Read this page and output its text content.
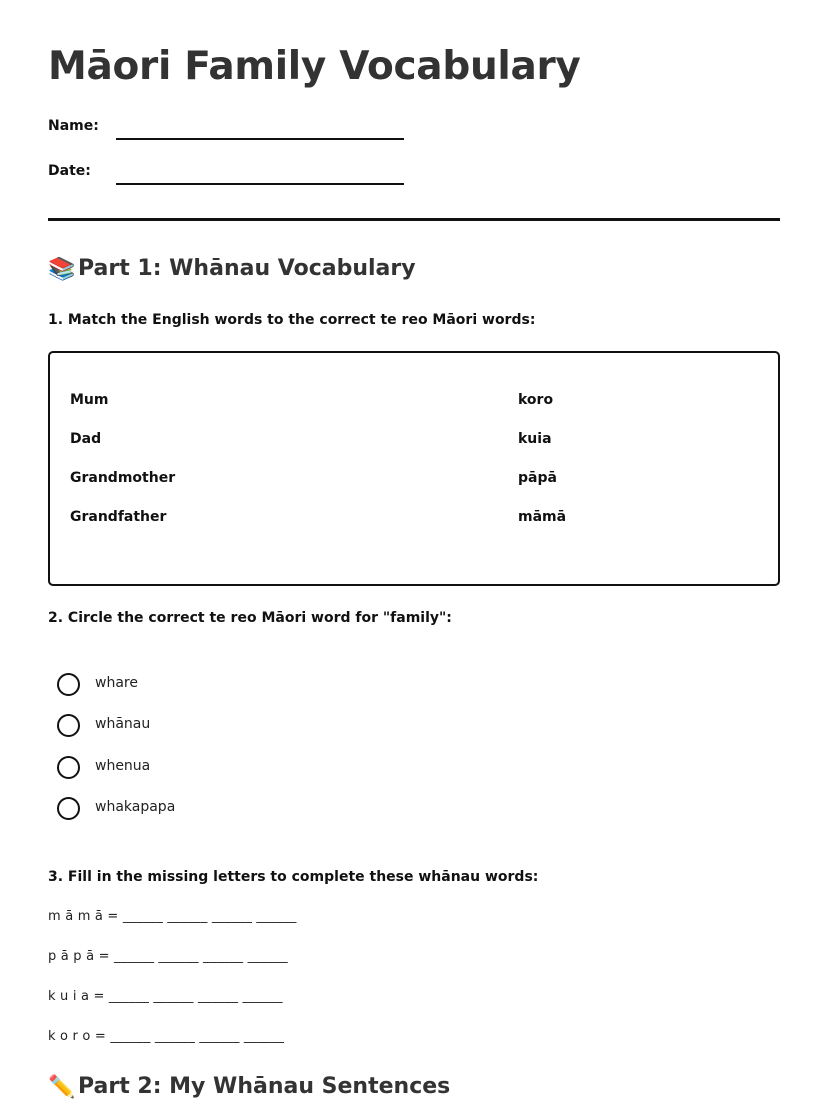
Māori Family Vocabulary
Name:
Date:
📚 Part 1: Whānau Vocabulary

1. Match the English words to the correct te reo Māori words:

Mum
Dad
Grandmother
Grandfather
koro
kuia
pāpā
māmā

2. Circle the correct te reo Māori word for "family":

whare
whānau
whenua
whakapapa

3. Fill in the missing letters to complete these whānau words:

m ā m ā = ______ ______ ______ ______
p ā p ā = ______ ______ ______ ______
k u i a = ______ ______ ______ ______
k o r o = ______ ______ ______ ______
✏️ Part 2: My Whānau Sentences
